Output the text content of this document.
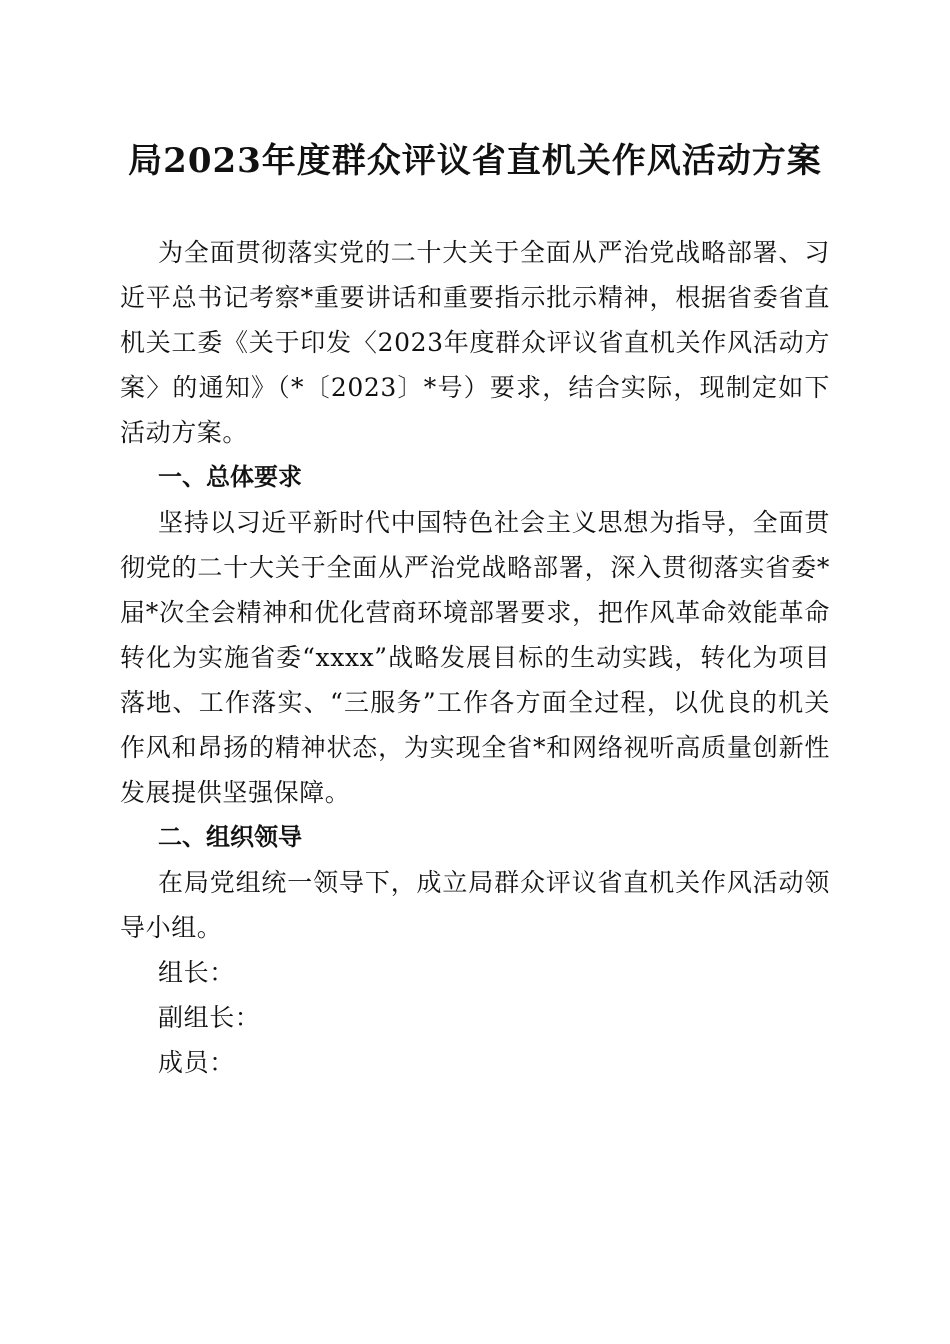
局2023年度群众评议省直机关作风活动方案

为全面贯彻落实党的二十大关于全面从严治党战略部署、习近平总书记考察*重要讲话和重要指示批示精神，根据省委省直机关工委《关于印发〈2023年度群众评议省直机关作风活动方案〉的通知》（*〔2023〕*号）要求，结合实际，现制定如下活动方案。

一、总体要求

坚持以习近平新时代中国特色社会主义思想为指导，全面贯彻党的二十大关于全面从严治党战略部署，深入贯彻落实省委*届*次全会精神和优化营商环境部署要求，把作风革命效能革命转化为实施省委“xxxx”战略发展目标的生动实践，转化为项目落地、工作落实、“三服务”工作各方面全过程，以优良的机关作风和昂扬的精神状态，为实现全省*和网络视听高质量创新性发展提供坚强保障。

二、组织领导

在局党组统一领导下，成立局群众评议省直机关作风活动领导小组。

组长：

副组长：

成员：
